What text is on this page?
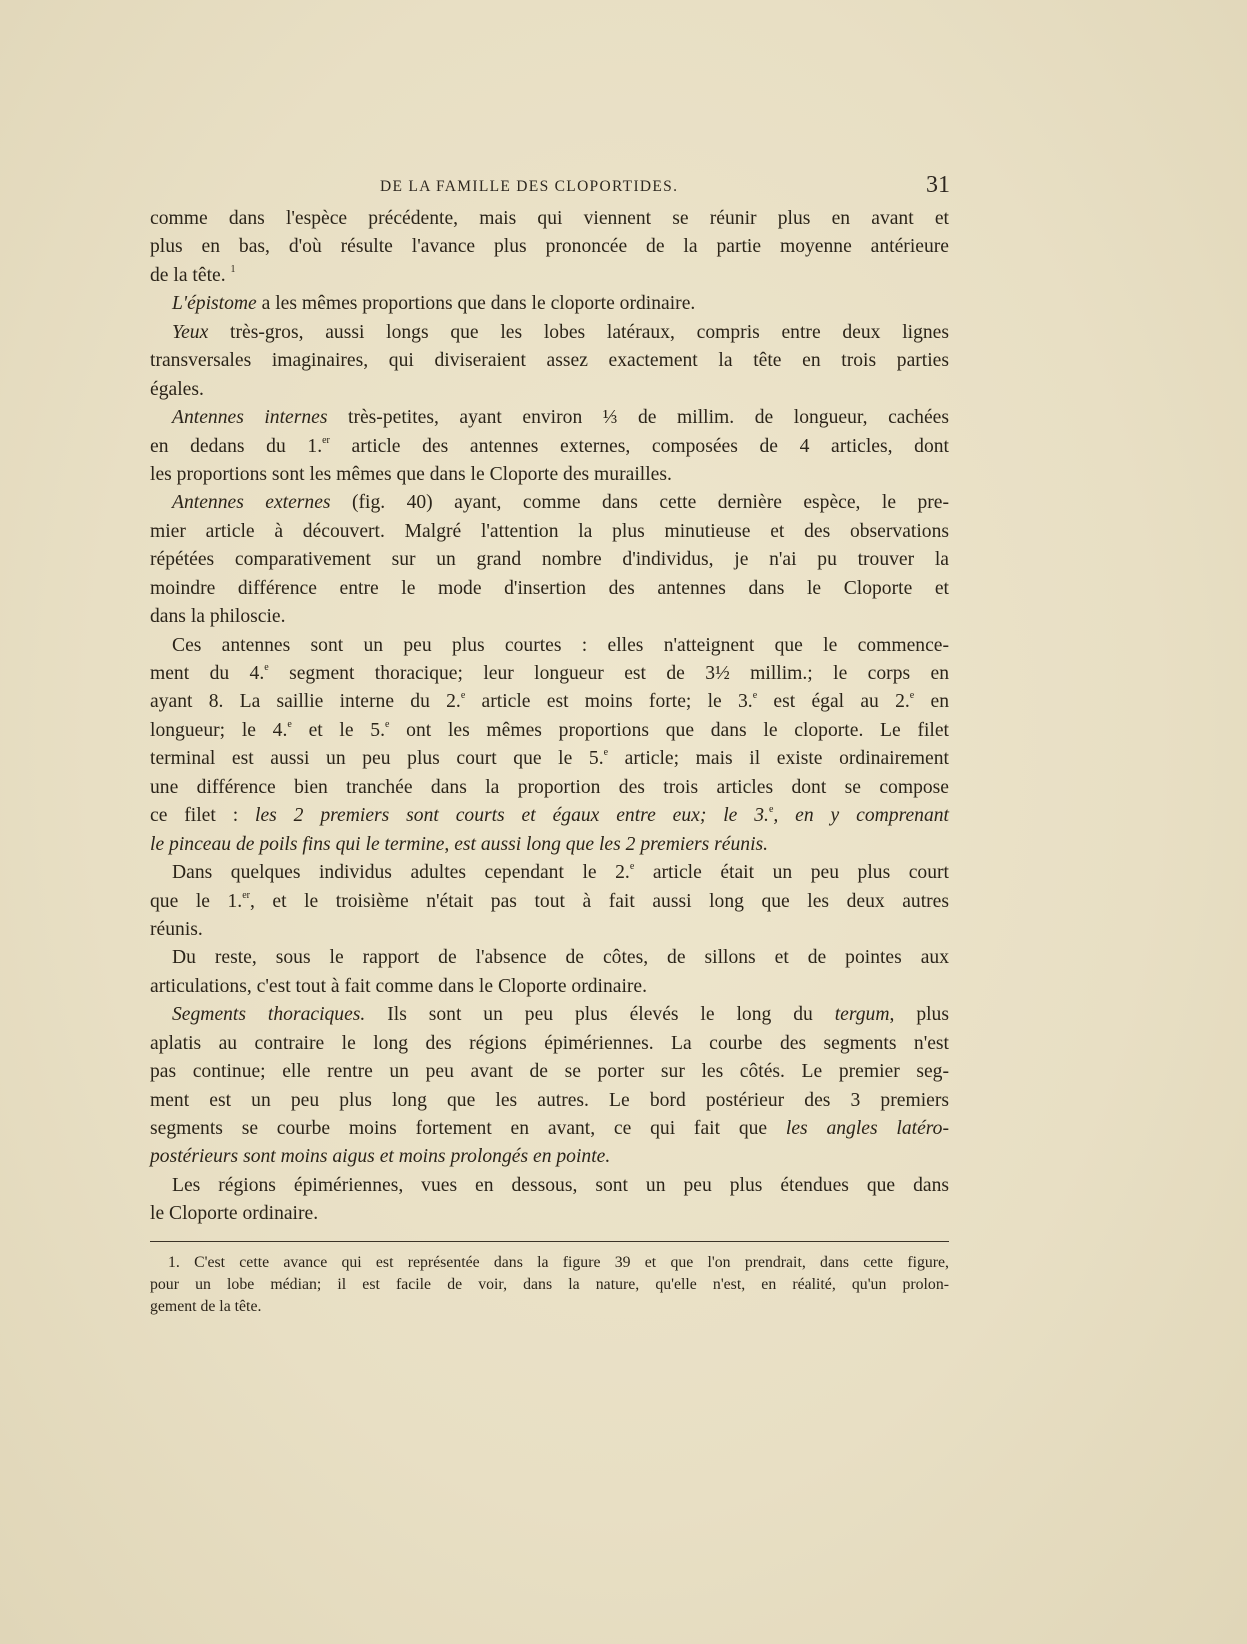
DE LA FAMILLE DES CLOPORTIDES.	31
comme dans l'espèce précédente, mais qui viennent se réunir plus en avant et
plus en bas, d'où résulte l'avance plus prononcée de la partie moyenne antérieure
de la tête. $^1$
L'épistome a les mêmes proportions que dans le cloporte ordinaire.
Yeux très-gros, aussi longs que les lobes latéraux, compris entre deux lignes
transversales imaginaires, qui diviseraient assez exactement la tête en trois parties
égales.
Antennes internes très-petites, ayant environ ⅓ de millim. de longueur, cachées
en dedans du 1.$^{er}$ article des antennes externes, composées de 4 articles, dont
les proportions sont les mêmes que dans le Cloporte des murailles.
Antennes externes (fig. 40) ayant, comme dans cette dernière espèce, le pre-
mier article à découvert. Malgré l'attention la plus minutieuse et des observations
répétées comparativement sur un grand nombre d'individus, je n'ai pu trouver la
moindre différence entre le mode d'insertion des antennes dans le Cloporte et
dans la philoscie.
Ces antennes sont un peu plus courtes : elles n'atteignent que le commence-
ment du 4.$^e$ segment thoracique; leur longueur est de 3½ millim.; le corps en
ayant 8. La saillie interne du 2.$^e$ article est moins forte; le 3.$^e$ est égal au 2.$^e$ en
longueur; le 4.$^e$ et le 5.$^e$ ont les mêmes proportions que dans le cloporte. Le filet
terminal est aussi un peu plus court que le 5.$^e$ article; mais il existe ordinairement
une différence bien tranchée dans la proportion des trois articles dont se compose
ce filet : les 2 premiers sont courts et égaux entre eux; le 3.$^e$, en y comprenant
le pinceau de poils fins qui le termine, est aussi long que les 2 premiers réunis.
Dans quelques individus adultes cependant le 2.$^e$ article était un peu plus court
que le 1.$^{er}$, et le troisième n'était pas tout à fait aussi long que les deux autres
réunis.
Du reste, sous le rapport de l'absence de côtes, de sillons et de pointes aux
articulations, c'est tout à fait comme dans le Cloporte ordinaire.
Segments thoraciques. Ils sont un peu plus élevés le long du tergum, plus
aplatis au contraire le long des régions épimériennes. La courbe des segments n'est
pas continue; elle rentre un peu avant de se porter sur les côtés. Le premier seg-
ment est un peu plus long que les autres. Le bord postérieur des 3 premiers
segments se courbe moins fortement en avant, ce qui fait que les angles latéro-
postérieurs sont moins aigus et moins prolongés en pointe.
Les régions épimériennes, vues en dessous, sont un peu plus étendues que dans
le Cloporte ordinaire.
1. C'est cette avance qui est représentée dans la figure 39 et que l'on prendrait, dans cette figure,
pour un lobe médian; il est facile de voir, dans la nature, qu'elle n'est, en réalité, qu'un prolon-
gement de la tête.
